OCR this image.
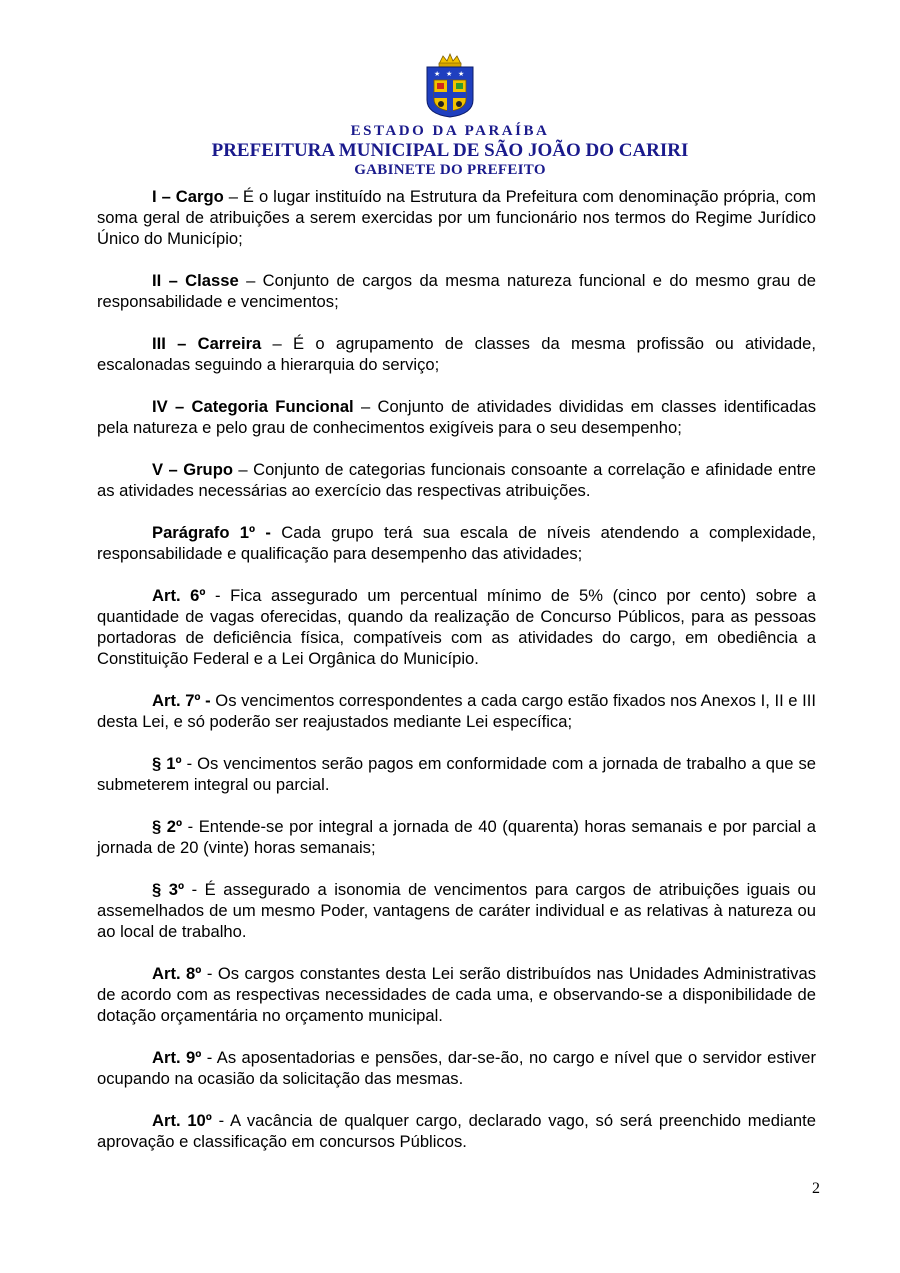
★ ★ ★
ESTADO DA PARAÍBA
PREFEITURA MUNICIPAL DE SÃO JOÃO DO CARIRI
GABINETE DO PREFEITO

I – Cargo – É o lugar instituído na Estrutura da Prefeitura com denominação própria, com soma geral de atribuições a serem exercidas por um funcionário nos termos do Regime Jurídico Único do Município;

II – Classe – Conjunto de cargos da mesma natureza funcional e do mesmo grau de responsabilidade e vencimentos;

III – Carreira – É o agrupamento de classes da mesma profissão ou atividade, escalonadas seguindo a hierarquia do serviço;

IV – Categoria Funcional – Conjunto de atividades divididas em classes identificadas pela natureza e pelo grau de conhecimentos exigíveis para o seu desempenho;

V – Grupo – Conjunto de categorias funcionais consoante a correlação e afinidade entre as atividades necessárias ao exercício das respectivas atribuições.

Parágrafo 1º - Cada grupo terá sua escala de níveis atendendo a complexidade, responsabilidade e qualificação para desempenho das atividades;

Art. 6º - Fica assegurado um percentual mínimo de 5% (cinco por cento) sobre a quantidade de vagas oferecidas, quando da realização de Concurso Públicos, para as pessoas portadoras de deficiência física, compatíveis com as atividades do cargo, em obediência a Constituição Federal e a Lei Orgânica do Município.

Art. 7º - Os vencimentos correspondentes a cada cargo estão fixados nos Anexos I, II e III desta Lei, e só poderão ser reajustados mediante Lei específica;

§ 1º - Os vencimentos serão pagos em conformidade com a jornada de trabalho a que se submeterem integral ou parcial.

§ 2º - Entende-se por integral a jornada de 40 (quarenta) horas semanais e por parcial a jornada de 20 (vinte) horas semanais;

§ 3º - É assegurado a isonomia de vencimentos para cargos de atribuições iguais ou assemelhados de um mesmo Poder, vantagens de caráter individual e as relativas à natureza ou ao local de trabalho.

Art. 8º - Os cargos constantes desta Lei serão distribuídos nas Unidades Administrativas de acordo com as respectivas necessidades de cada uma, e observando-se a disponibilidade de dotação orçamentária no orçamento municipal.

Art. 9º - As aposentadorias e pensões, dar-se-ão, no cargo e nível que o servidor estiver ocupando na ocasião da solicitação das mesmas.

Art. 10º - A vacância de qualquer cargo, declarado vago, só será preenchido mediante aprovação e classificação em concursos Públicos.

2
